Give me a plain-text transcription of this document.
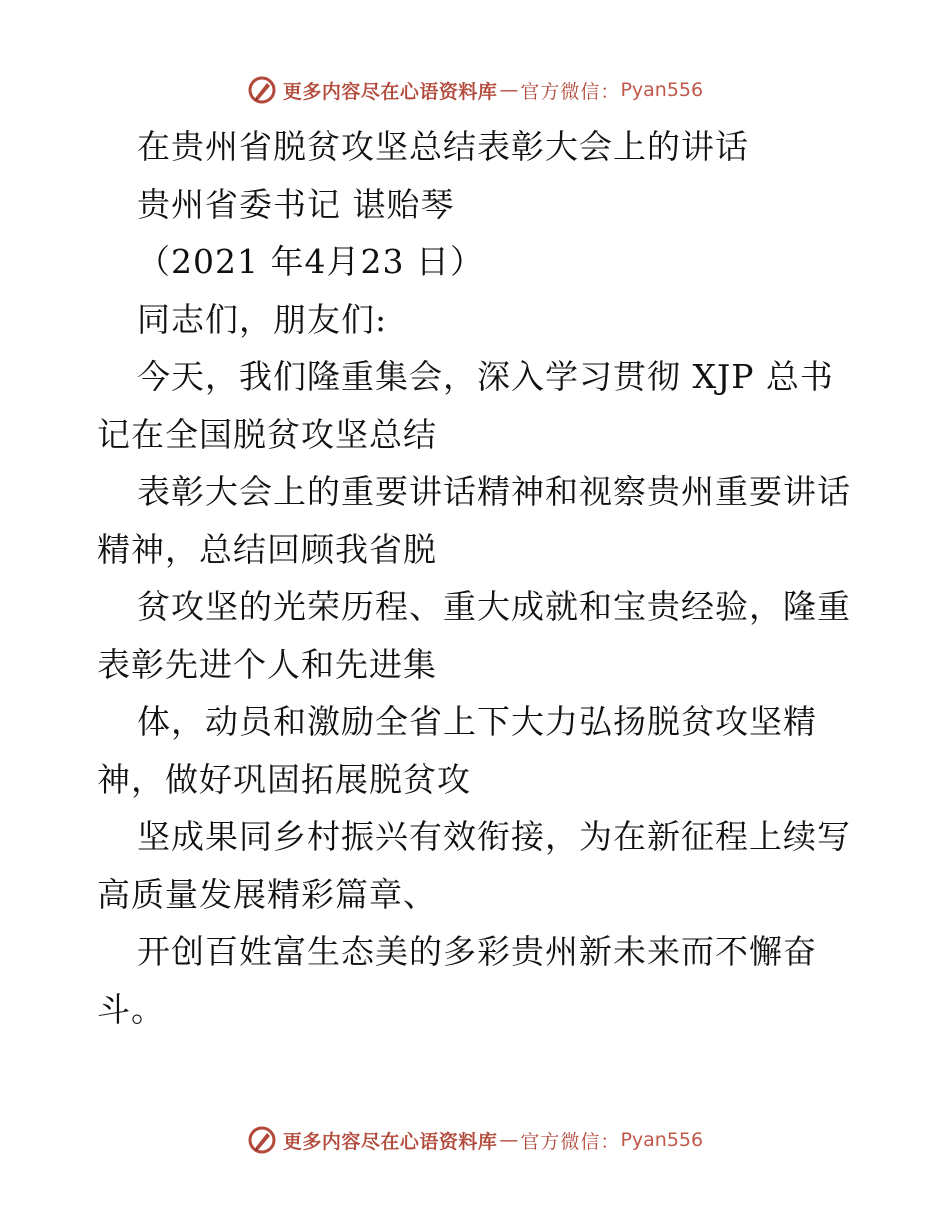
更多内容尽在心语资料库 — 官方微信： Pyan556
在贵州省脱贫攻坚总结表彰大会上的讲话
贵州省委书记 谌贻琴
（2021 年4月23 日）
同志们，朋友们:
今天，我们隆重集会，深入学习贯彻 XJP 总书
记在全国脱贫攻坚总结
表彰大会上的重要讲话精神和视察贵州重要讲话
精神，总结回顾我省脱
贫攻坚的光荣历程、重大成就和宝贵经验，隆重
表彰先进个人和先进集
体，动员和激励全省上下大力弘扬脱贫攻坚精
神，做好巩固拓展脱贫攻
坚成果同乡村振兴有效衔接，为在新征程上续写
高质量发展精彩篇章、
开创百姓富生态美的多彩贵州新未来而不懈奋
斗。
更多内容尽在心语资料库 — 官方微信： Pyan556
